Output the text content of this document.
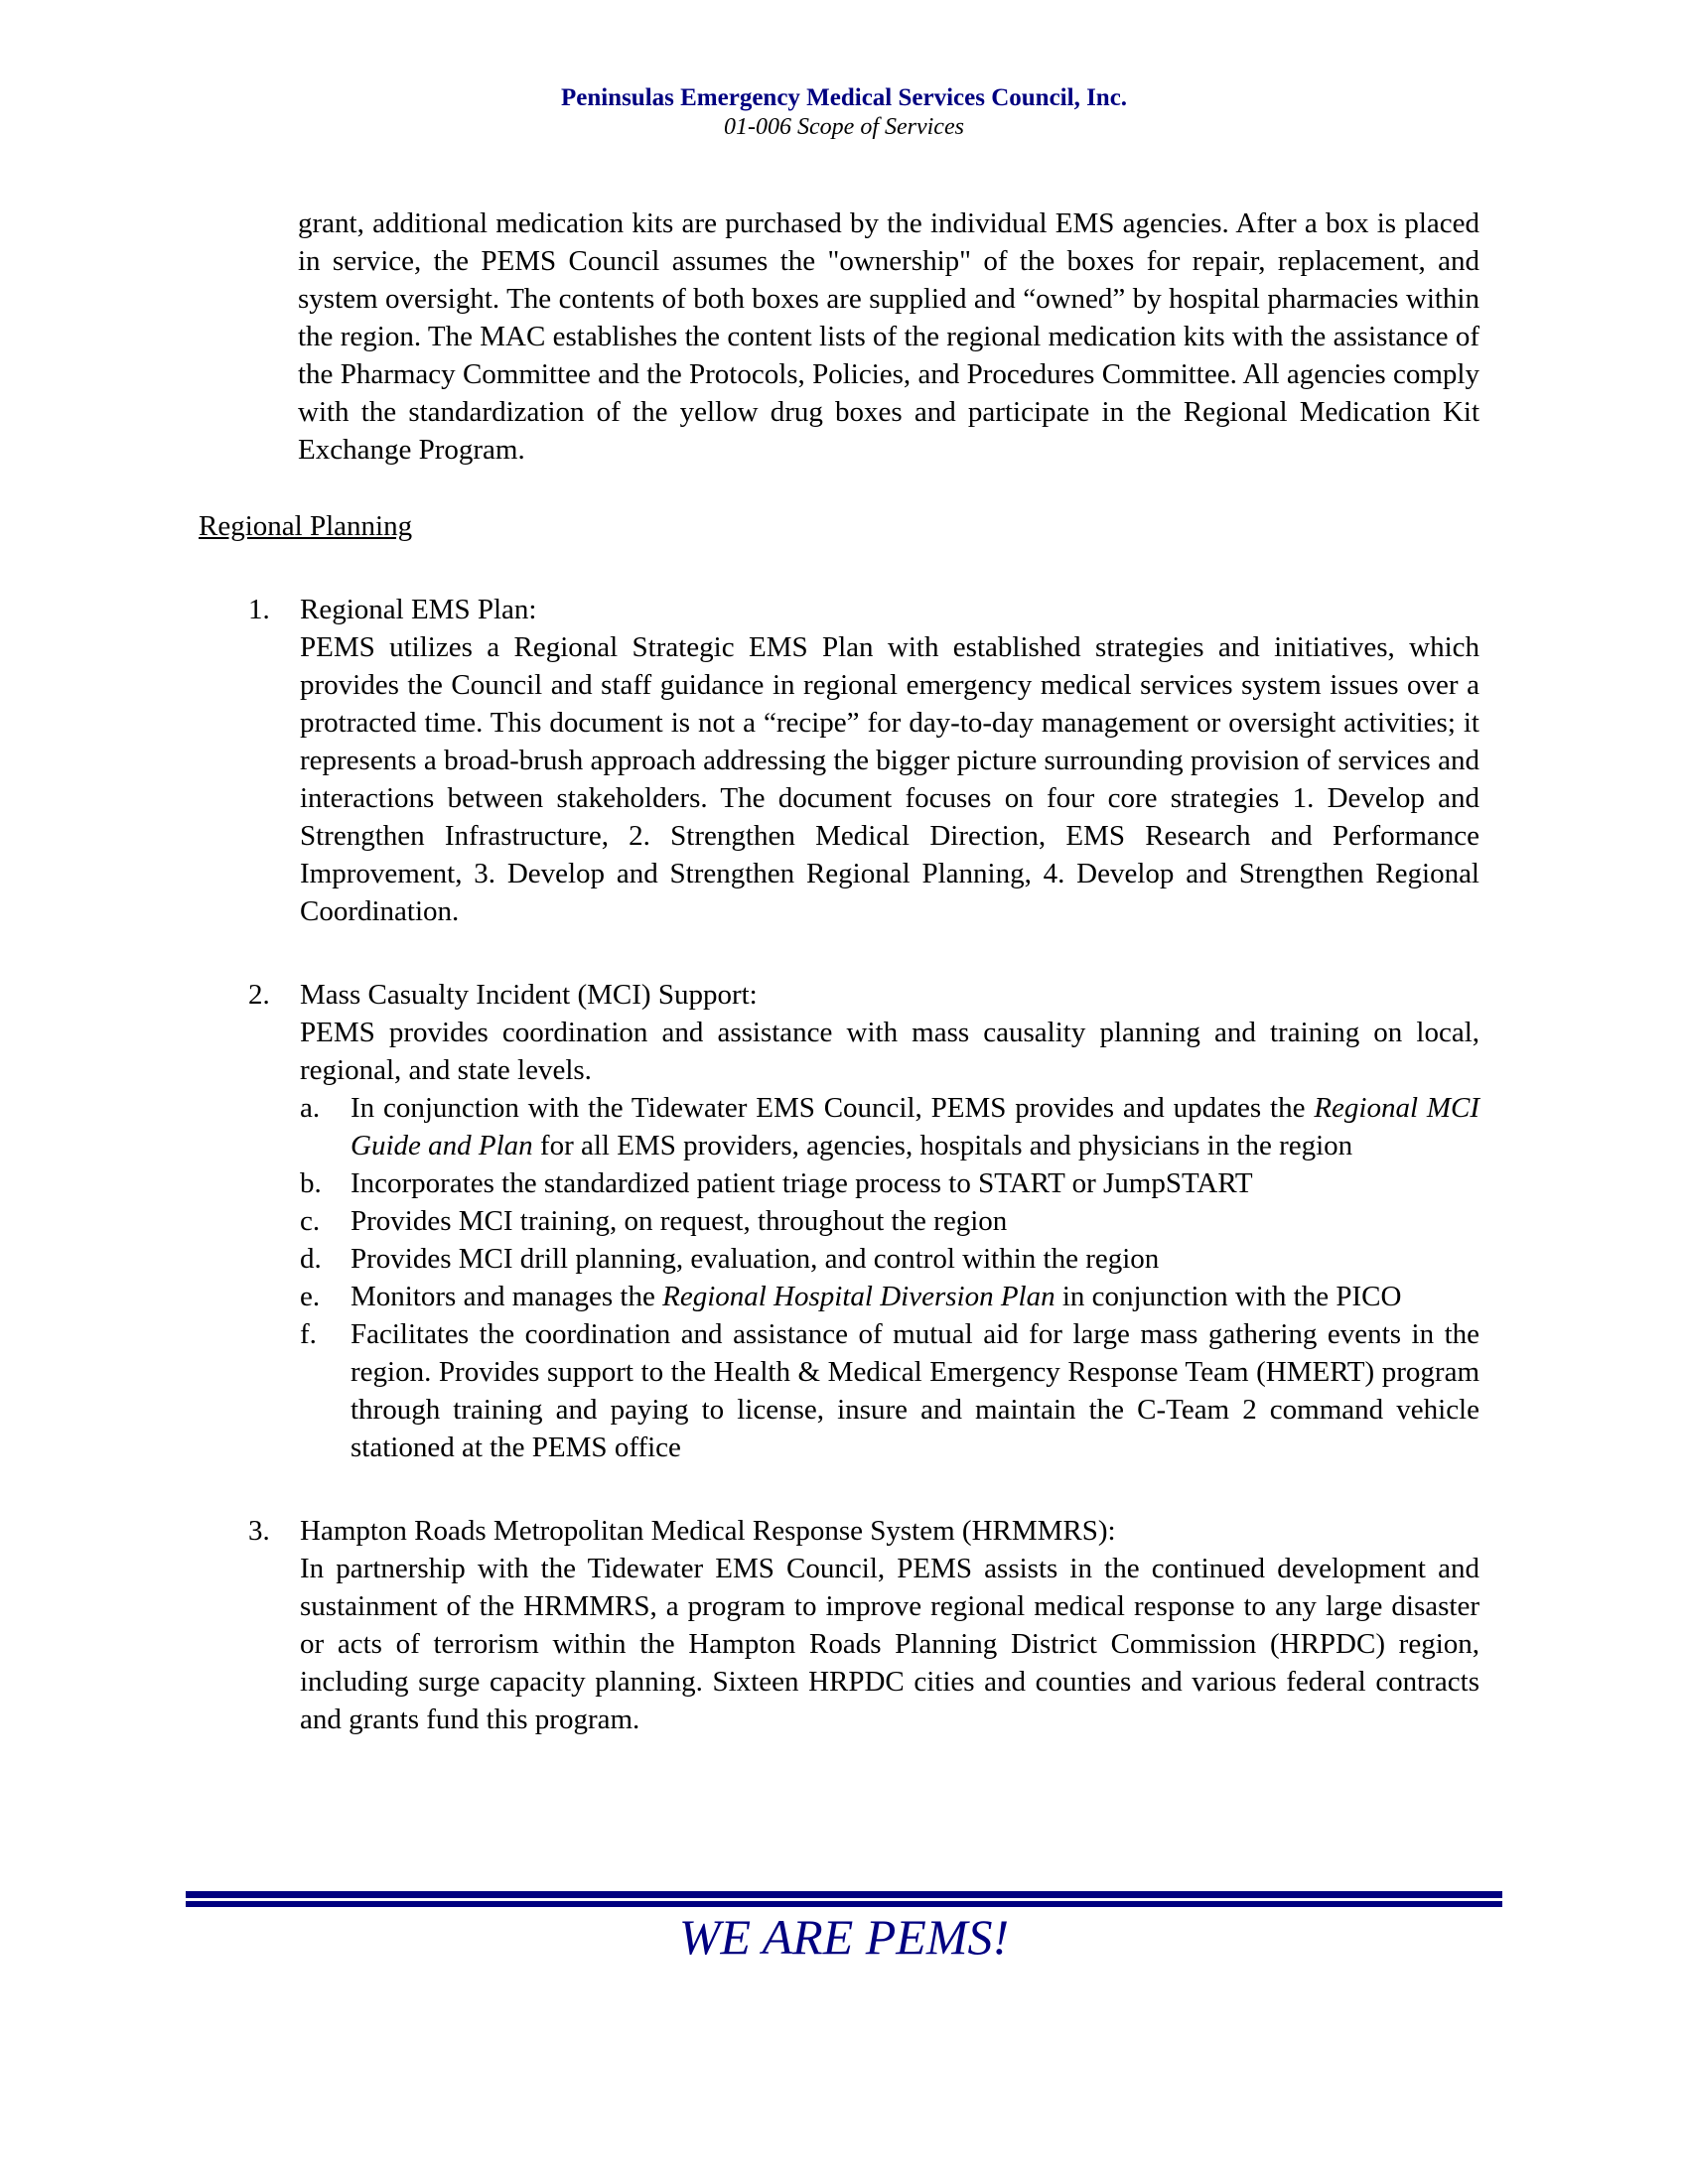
Peninsulas Emergency Medical Services Council, Inc.
01-006 Scope of Services

grant, additional medication kits are purchased by the individual EMS agencies. After a box is placed in service, the PEMS Council assumes the "ownership" of the boxes for repair, replacement, and system oversight. The contents of both boxes are supplied and “owned” by hospital pharmacies within the region. The MAC establishes the content lists of the regional medication kits with the assistance of the Pharmacy Committee and the Protocols, Policies, and Procedures Committee. All agencies comply with the standardization of the yellow drug boxes and participate in the Regional Medication Kit Exchange Program.

Regional Planning
1.	Regional EMS Plan:
PEMS utilizes a Regional Strategic EMS Plan with established strategies and initiatives, which provides the Council and staff guidance in regional emergency medical services system issues over a protracted time. This document is not a “recipe” for day-to-day management or oversight activities; it represents a broad-brush approach addressing the bigger picture surrounding provision of services and interactions between stakeholders. The document focuses on four core strategies 1. Develop and Strengthen Infrastructure, 2. Strengthen Medical Direction, EMS Research and Performance Improvement, 3. Develop and Strengthen Regional Planning, 4. Develop and Strengthen Regional Coordination.
2.	Mass Casualty Incident (MCI) Support:
PEMS provides coordination and assistance with mass causality planning and training on local, regional, and state levels.
a.	In conjunction with the Tidewater EMS Council, PEMS provides and updates the Regional MCI Guide and Plan for all EMS providers, agencies, hospitals and physicians in the region
b.	Incorporates the standardized patient triage process to START or JumpSTART
c.	Provides MCI training, on request, throughout the region
d.	Provides MCI drill planning, evaluation, and control within the region
e.	Monitors and manages the Regional Hospital Diversion Plan in conjunction with the PICO
f.	Facilitates the coordination and assistance of mutual aid for large mass gathering events in the region. Provides support to the Health & Medical Emergency Response Team (HMERT) program through training and paying to license, insure and maintain the C-Team 2 command vehicle stationed at the PEMS office
3.	Hampton Roads Metropolitan Medical Response System (HRMMRS):
In partnership with the Tidewater EMS Council, PEMS assists in the continued development and sustainment of the HRMMRS, a program to improve regional medical response to any large disaster or acts of terrorism within the Hampton Roads Planning District Commission (HRPDC) region, including surge capacity planning. Sixteen HRPDC cities and counties and various federal contracts and grants fund this program.
WE ARE PEMS!
